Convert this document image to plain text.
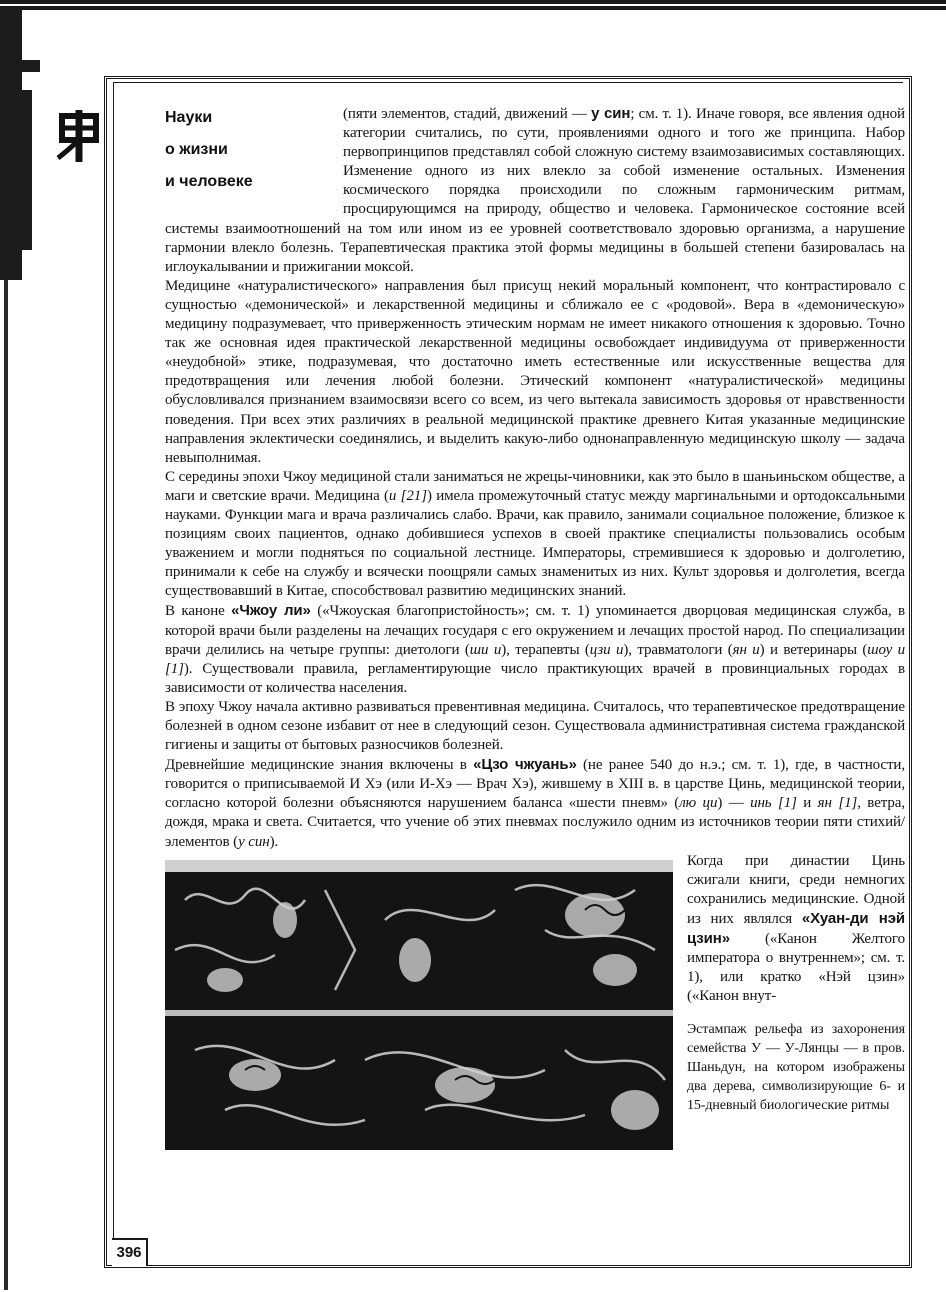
Науки
о жизни
и человеке

(пяти элементов, стадий, движений — у син; см. т. 1). Иначе говоря, все явления одной категории считались, по сути, проявлениями одного и того же принципа. Набор первопринципов представлял собой сложную систему взаимозависимых составляющих. Изменение одного из них влекло за собой изменение остальных. Изменения космического порядка происходили по сложным гармоническим ритмам, просцирующимся на природу, общество и человека. Гармоническое состояние всей системы взаимоотношений на том или ином из ее уровней соответствовало здоровью организма, а нарушение гармонии влекло болезнь. Терапевтическая практика этой формы медицины в большей степени базировалась на иглоукалывании и прижигании моксой.

Медицине «натуралистического» направления был присущ некий моральный компонент, что контрастировало с сущностью «демонической» и лекарственной медицины и сближало ее с «родовой». Вера в «демоническую» медицину подразумевает, что приверженность этическим нормам не имеет никакого отношения к здоровью. Точно так же основная идея практической лекарственной медицины освобождает индивидуума от приверженности «неудобной» этике, подразумевая, что достаточно иметь естественные или искусственные вещества для предотвращения или лечения любой болезни. Этический компонент «натуралистической» медицины обусловливался признанием взаимосвязи всего со всем, из чего вытекала зависимость здоровья от нравственности поведения. При всех этих различиях в реальной медицинской практике древнего Китая указанные медицинские направления эклектически соединялись, и выделить какую-либо однонаправленную медицинскую школу — задача невыполнимая.

С середины эпохи Чжоу медициной стали заниматься не жрецы-чиновники, как это было в шаньиньском обществе, а маги и светские врачи. Медицина (и [21]) имела промежуточный статус между маргинальными и ортодоксальными науками. Функции мага и врача различались слабо. Врачи, как правило, занимали социальное положение, близкое к позициям своих пациентов, однако добившиеся успехов в своей практике специалисты пользовались особым уважением и могли подняться по социальной лестнице. Императоры, стремившиеся к здоровью и долголетию, принимали к себе на службу и всячески поощряли самых знаменитых из них. Культ здоровья и долголетия, всегда существовавший в Китае, способствовал развитию медицинских знаний.

В каноне «Чжоу ли» («Чжоуская благопристойность»; см. т. 1) упоминается дворцовая медицинская служба, в которой врачи были разделены на лечащих государя с его окружением и лечащих простой народ. По специализации врачи делились на четыре группы: диетологи (ши и), терапевты (цзи и), травматологи (ян и) и ветеринары (шоу и [1]). Существовали правила, регламентирующие число практикующих врачей в провинциальных городах в зависимости от количества населения.

В эпоху Чжоу начала активно развиваться превентивная медицина. Считалось, что терапевтическое предотвращение болезней в одном сезоне избавит от нее в следующий сезон. Существовала административная система гражданской гигиены и защиты от бытовых разносчиков болезней.

Древнейшие медицинские знания включены в «Цзо чжуань» (не ранее 540 до н.э.; см. т. 1), где, в частности, говорится о приписываемой И Хэ (или И-Хэ — Врач Хэ), жившему в XIII в. в царстве Цинь, медицинской теории, согласно которой болезни объясняются нарушением баланса «шести пневм» (лю ци) — инь [1] и ян [1], ветра, дождя, мрака и света. Считается, что учение об этих пневмах послужило одним из источников теории пяти стихий/элементов (у син).

Когда при династии Цинь сжигали книги, среди немногих сохранились медицинские. Одной из них являлся «Хуан-ди нэй цзин» («Канон Желтого императора о внутреннем»; см. т. 1), или кратко «Нэй цзин» («Канон внут-

Эстампаж рельефа из захоронения семейства У — У-Лянцы — в пров. Шаньдун, на котором изображены два дерева, символизирующие 6- и 15-дневный биологические ритмы
396
